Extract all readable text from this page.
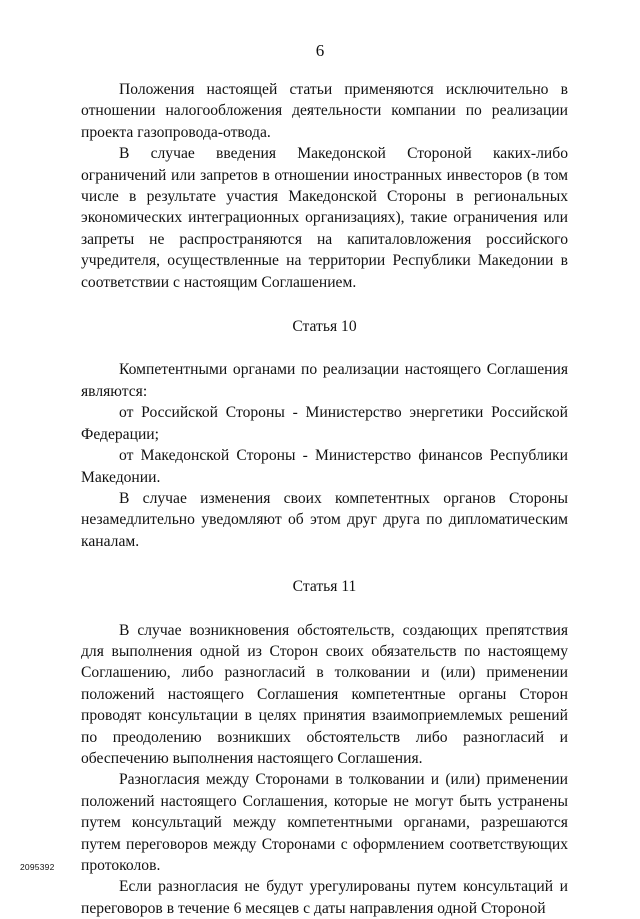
6

Положения настоящей статьи применяются исключительно в отношении налогообложения деятельности компании по реализации проекта газопровода-отвода.

В случае введения Македонской Стороной каких-либо ограничений или запретов в отношении иностранных инвесторов (в том числе в результате участия Македонской Стороны в региональных экономических интеграционных организациях), такие ограничения или запреты не распространяются на капиталовложения российского учредителя, осуществленные на территории Республики Македонии в соответствии с настоящим Соглашением.

Статья 10

Компетентными органами по реализации настоящего Соглашения являются:

от Российской Стороны - Министерство энергетики Российской Федерации;

от Македонской Стороны - Министерство финансов Республики Македонии.

В случае изменения своих компетентных органов Стороны незамедлительно уведомляют об этом друг друга по дипломатическим каналам.

Статья 11

В случае возникновения обстоятельств, создающих препятствия для выполнения одной из Сторон своих обязательств по настоящему Соглашению, либо разногласий в толковании и (или) применении положений настоящего Соглашения компетентные органы Сторон проводят консультации в целях принятия взаимоприемлемых решений по преодолению возникших обстоятельств либо разногласий и обеспечению выполнения настоящего Соглашения.

Разногласия между Сторонами в толковании и (или) применении положений настоящего Соглашения, которые не могут быть устранены путем консультаций между компетентными органами, разрешаются путем переговоров между Сторонами с оформлением соответствующих протоколов.

Если разногласия не будут урегулированы путем консультаций и переговоров в течение 6 месяцев с даты направления одной Стороной

2095392
